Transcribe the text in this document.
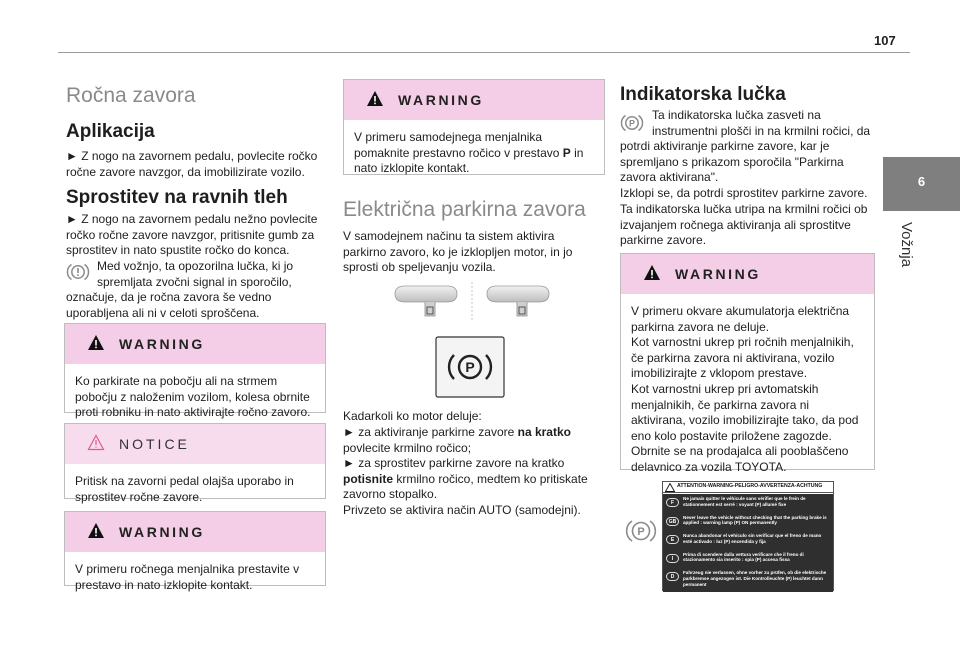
107
6
Vožnja
Ročna zavora
Aplikacija
► Z nogo na zavornem pedalu, povlecite ročko ročne zavore navzgor, da imobilizirate vozilo.
Sprostitev na ravnih tleh
► Z nogo na zavornem pedalu nežno povlecite ročko ročne zavore navzgor, pritisnite gumb za sprostitev in nato spustite ročko do konca.
Med vožnjo, ta opozorilna lučka, ki jo spremljata zvočni signal in sporočilo, označuje, da je ročna zavora še vedno uporabljena ali ni v celoti sproščena.
WARNING
Ko parkirate na pobočju ali na strmem pobočju z naloženim vozilom, kolesa obrnite proti robniku in nato aktivirajte ročno zavoro.
NOTICE
Pritisk na zavorni pedal olajša uporabo in sprostitev ročne zavore.
WARNING
V primeru ročnega menjalnika prestavite v prestavo in nato izklopite kontakt.
WARNING
V primeru samodejnega menjalnika pomaknite prestavno ročico v prestavo P in nato izklopite kontakt.
Električna parkirna zavora
V samodejnem načinu ta sistem aktivira parkirno zavoro, ko je izklopljen motor, in jo sprosti ob speljevanju vozila.
P
Kadarkoli ko motor deluje:
► za aktiviranje parkirne zavore na kratko povlecite krmilno ročico;
► za sprostitev parkirne zavore na kratko potisnite krmilno ročico, medtem ko pritiskate zavorno stopalko.
Privzeto se aktivira način AUTO (samodejni).
Indikatorska lučka
P
Ta indikatorska lučka zasveti na instrumentni plošči in na krmilni ročici, da potrdi aktiviranje parkirne zavore, kar je spremljano s prikazom sporočila "Parkirna zavora aktivirana".
Izklopi se, da potrdi sprostitev parkirne zavore.
Ta indikatorska lučka utripa na krmilni ročici ob izvajanjem ročnega aktiviranja ali sprostitve parkirne zavore.
WARNING
V primeru okvare akumulatorja električna parkirna zavora ne deluje.
Kot varnostni ukrep pri ročnih menjalnikih, če parkirna zavora ni aktivirana, vozilo imobilizirajte z vklopom prestave.
Kot varnostni ukrep pri avtomatskih menjalnikih, če parkirna zavora ni aktivirana, vozilo imobilizirajte tako, da pod eno kolo postavite priložene zagozde.
Obrnite se na prodajalca ali pooblaščeno delavnico za vozila TOYOTA.
P
ATTENTION-WARNING-PELIGRO-AVVERTENZA-ACHTUNG
F
Ne jamais quitter le véhicule sans vérifier que le frein de stationnement est serré : voyant (P) allumé fixe
GB
Never leave the vehicle without checking that the parking brake is applied : warning lamp (P) ON permanently
E
Nunca abandonar el vehículo sin verificar que el freno de mano esté activado : luz (P) encendida y fija
I
Prima di scendere dalla vettura verificare che il freno di stazionamento sia inserito : spia (P) accesa fissa
D
Fahrzeug nie verlassen, ohne vorher zu prüfen, ob die elektrische parkbremse angezogen ist. Die Kontrolleuchte (P) leuchtet dann permanent
